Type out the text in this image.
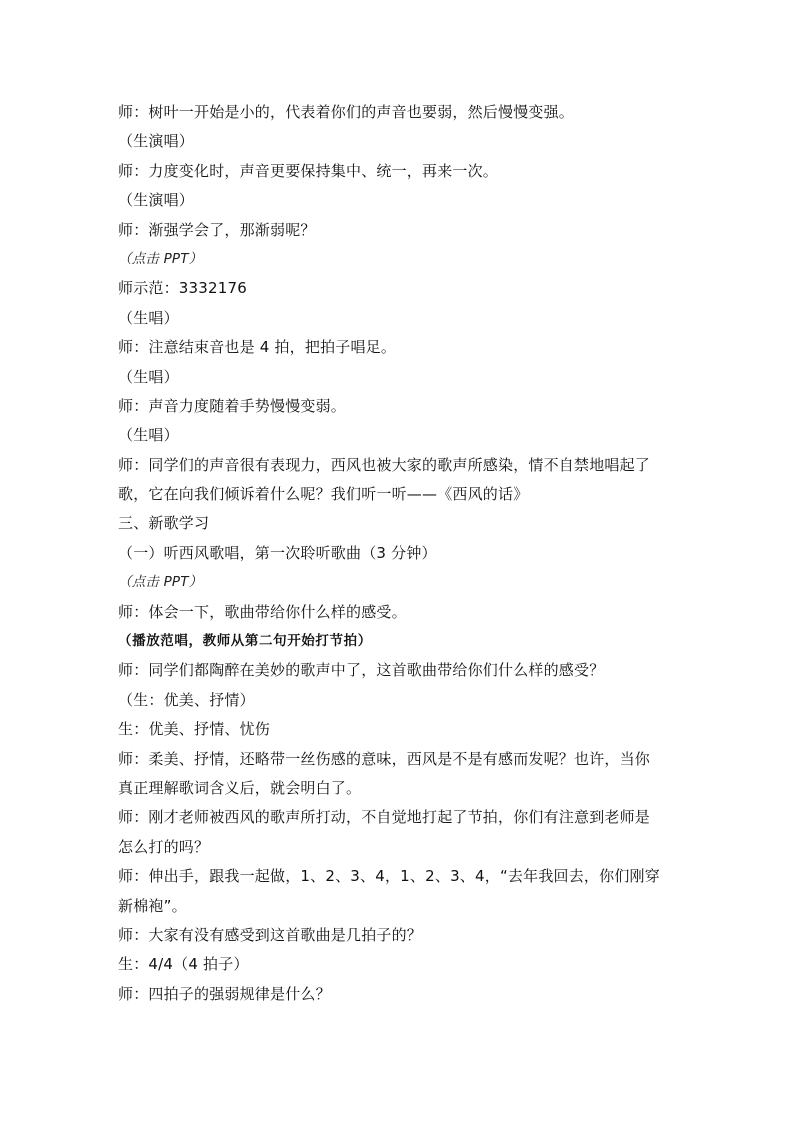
师：树叶一开始是小的，代表着你们的声音也要弱，然后慢慢变强。
（生演唱）
师：力度变化时，声音更要保持集中、统一，再来一次。
（生演唱）
师：渐强学会了，那渐弱呢？
（点击 PPT）
师示范：3332176
（生唱）
师：注意结束音也是 4 拍，把拍子唱足。
（生唱）
师：声音力度随着手势慢慢变弱。
（生唱）
师：同学们的声音很有表现力，西风也被大家的歌声所感染，情不自禁地唱起了
歌，它在向我们倾诉着什么呢？我们听一听——《西风的话》
三、新歌学习
（一）听西风歌唱，第一次聆听歌曲（3 分钟）
（点击 PPT）
师：体会一下，歌曲带给你什么样的感受。
（播放范唱，教师从第二句开始打节拍）
师：同学们都陶醉在美妙的歌声中了，这首歌曲带给你们什么样的感受？
（生：优美、抒情）
生：优美、抒情、忧伤
师：柔美、抒情，还略带一丝伤感的意味，西风是不是有感而发呢？也许，当你
真正理解歌词含义后，就会明白了。
师：刚才老师被西风的歌声所打动，不自觉地打起了节拍，你们有注意到老师是
怎么打的吗？
师：伸出手，跟我一起做，1、2、3、4，1、2、3、4，“去年我回去，你们刚穿
新棉袍”。
师：大家有没有感受到这首歌曲是几拍子的？
生：4/4（4 拍子）
师：四拍子的强弱规律是什么？
